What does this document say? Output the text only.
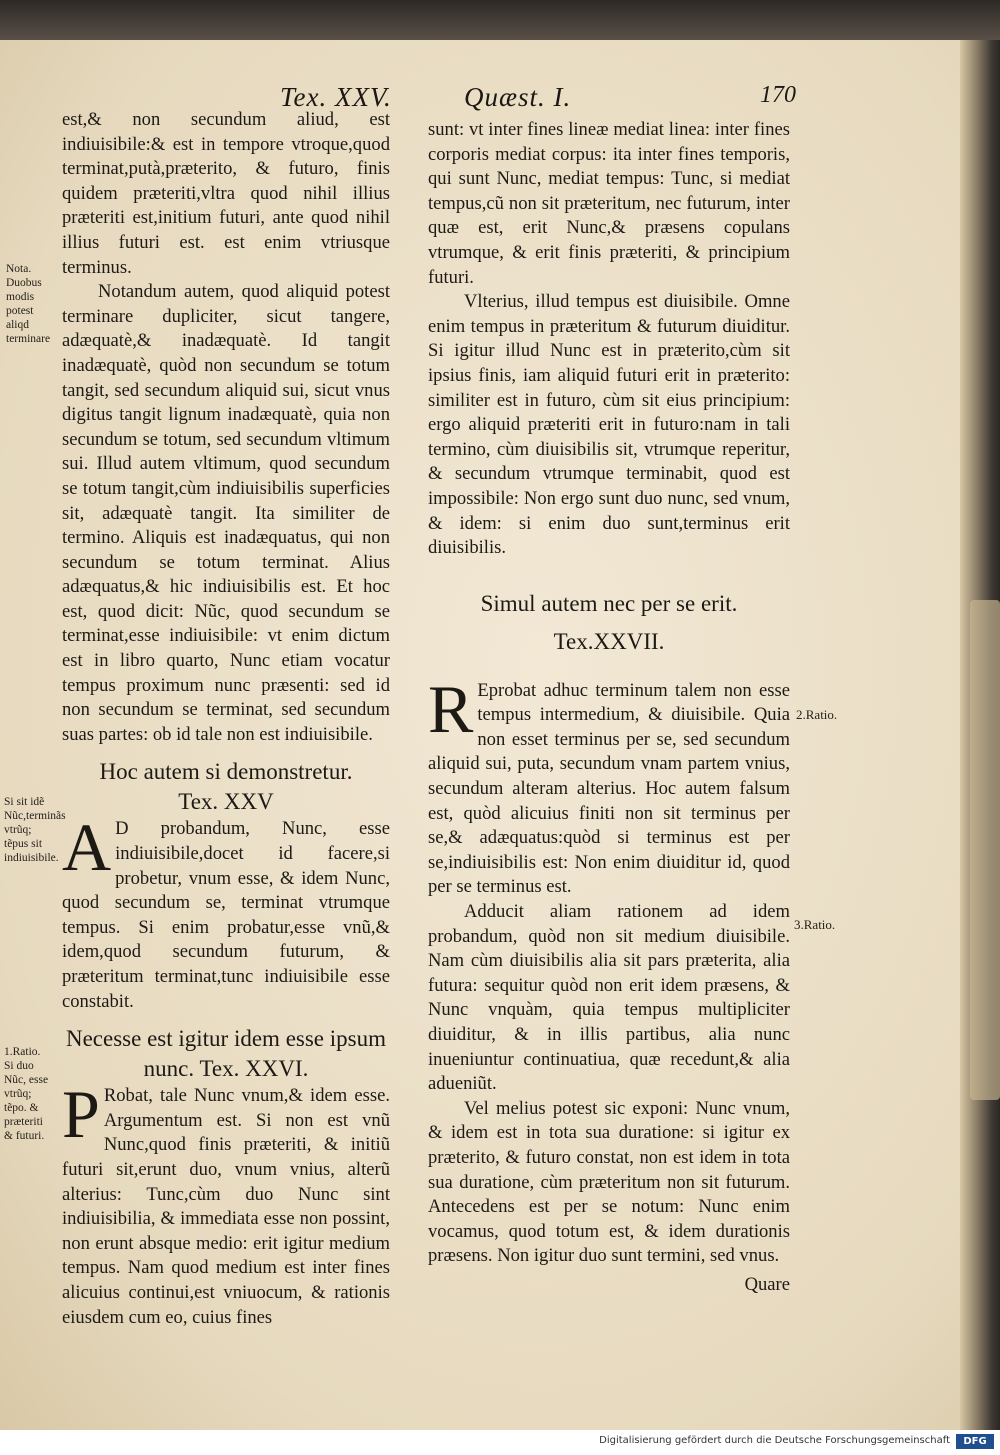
Tex. XXV.	Quæst. I.	170

est,& non secundum aliud, est indiuisibile:& est in tempore vtroque,quod terminat,putà,præterito, & futuro, finis quidem præteriti,vltra quod nihil illius præteriti est,initium futuri, ante quod nihil illius futuri est. est enim vtriusque terminus.

Notandum autem, quod aliquid potest terminare dupliciter, sicut tangere, adæquatè,& inadæquatè. Id tangit inadæquatè, quòd non secundum se totum tangit, sed secundum aliquid sui, sicut vnus digitus tangit lignum inadæquatè, quia non secundum se totum, sed secundum vltimum sui. Illud autem vltimum, quod secundum se totum tangit,cùm indiuisibilis superficies sit, adæquatè tangit. Ita similiter de termino. Aliquis est inadæquatus, qui non secundum se totum terminat. Alius adæquatus,& hic indiuisibilis est. Et hoc est, quod dicit: Nũc, quod secundum se terminat,esse indiuisibile: vt enim dictum est in libro quarto, Nunc etiam vocatur tempus proximum nunc præsenti: sed id non secundum se terminat, sed secundum suas partes: ob id tale non est indiuisibile.

Hoc autem si demonstretur.

Tex. XXV

A D probandum, Nunc, esse indiuisibile,docet id facere,si probetur, vnum esse, & idem Nunc, quod secundum se, terminat vtrumque tempus. Si enim probatur,esse vnũ,& idem,quod secundum futurum, & præteritum terminat,tunc indiuisibile esse constabit.

Necesse est igitur idem esse ipsum

nunc. Tex. XXVI.

P Robat, tale Nunc vnum,& idem esse. Argumentum est. Si non est vnũ Nunc,quod finis præteriti, & initiũ futuri sit,erunt duo, vnum vnius, alterũ alterius: Tunc,cùm duo Nunc sint indiuisibilia, & immediata esse non possint, non erunt absque medio: erit igitur medium tempus. Nam quod medium est inter fines alicuius continui,est vniuocum, & rationis eiusdem cum eo, cuius fines

sunt: vt inter fines lineæ mediat linea: inter fines corporis mediat corpus: ita inter fines temporis, qui sunt Nunc, mediat tempus: Tunc, si mediat tempus,cũ non sit præteritum, nec futurum, inter quæ est, erit Nunc,& præsens copulans vtrumque, & erit finis præteriti, & principium futuri.

Vlterius, illud tempus est diuisibile. Omne enim tempus in præteritum & futurum diuiditur. Si igitur illud Nunc est in præterito,cùm sit ipsius finis, iam aliquid futuri erit in præterito: similiter est in futuro, cùm sit eius principium: ergo aliquid præteriti erit in futuro:nam in tali termino, cùm diuisibilis sit, vtrumque reperitur, & secundum vtrumque terminabit, quod est impossibile: Non ergo sunt duo nunc, sed vnum, & idem: si enim duo sunt,terminus erit diuisibilis.

Simul autem nec per se erit.

Tex.XXVII.

R Eprobat adhuc terminum talem non esse tempus intermedium, & diuisibile. Quia non esset terminus per se, sed secundum aliquid sui, puta, secundum vnam partem vnius, secundum alteram alterius. Hoc autem falsum est, quòd alicuius finiti non sit terminus per se,& adæquatus:quòd si terminus est per se,indiuisibilis est: Non enim diuiditur id, quod per se terminus est.

Adducit aliam rationem ad idem probandum, quòd non sit medium diuisibile. Nam cùm diuisibilis alia sit pars præterita, alia futura: sequitur quòd non erit idem præsens, & Nunc vnquàm, quia tempus multipliciter diuiditur, & in illis partibus, alia nunc inueniuntur continuatiua, quæ recedunt,& alia adueniũt.

Vel melius potest sic exponi: Nunc vnum, & idem est in tota sua duratione: si igitur ex præterito, & futuro constat, non est idem in tota sua duratione, cùm præteritum non sit futurum. Antecedens est per se notum: Nunc enim vocamus, quod totum est, & idem durationis præsens. Non igitur duo sunt termini, sed vnus.

Quare

Nota. Duobus modis potest aliqd terminare
Si sit idẽ Nũc,terminãs vtrũq; tẽpus sit indiuisibile.
1.Ratio. Si duo Nũc, esse vtrũq; tẽpo. & præteriti & futuri.
2.Ratio.
3.Ratio.
Digitalisierung gefördert durch die Deutsche Forschungsgemeinschaft	DFG
